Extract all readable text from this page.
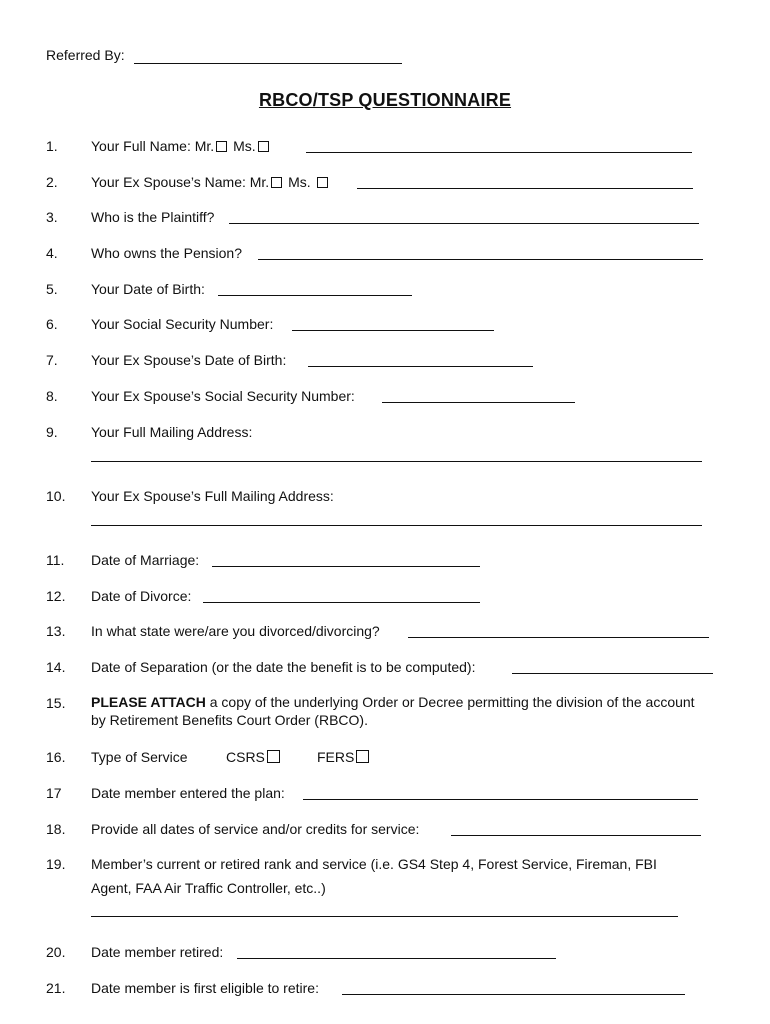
Referred By:
RBCO/TSP QUESTIONNAIRE
1. Your Full Name: Mr. Ms.
2. Your Ex Spouse’s Name: Mr. Ms.
3. Who is the Plaintiff?
4. Who owns the Pension?
5. Your Date of Birth:
6. Your Social Security Number:
7. Your Ex Spouse’s Date of Birth:
8. Your Ex Spouse’s Social Security Number:
9. Your Full Mailing Address:
10. Your Ex Spouse’s Full Mailing Address:
11. Date of Marriage:
12. Date of Divorce:
13. In what state were/are you divorced/divorcing?
14. Date of Separation (or the date the benefit is to be computed):
15. PLEASE ATTACH a copy of the underlying Order or Decree permitting the division of the account by Retirement Benefits Court Order (RBCO).
16. Type of Service	CSRS	FERS
17 Date member entered the plan:
18. Provide all dates of service and/or credits for service:
19. Member’s current or retired rank and service (i.e. GS4 Step 4, Forest Service, Fireman, FBI
Agent, FAA Air Traffic Controller, etc..)
20. Date member retired:
21. Date member is first eligible to retire:
